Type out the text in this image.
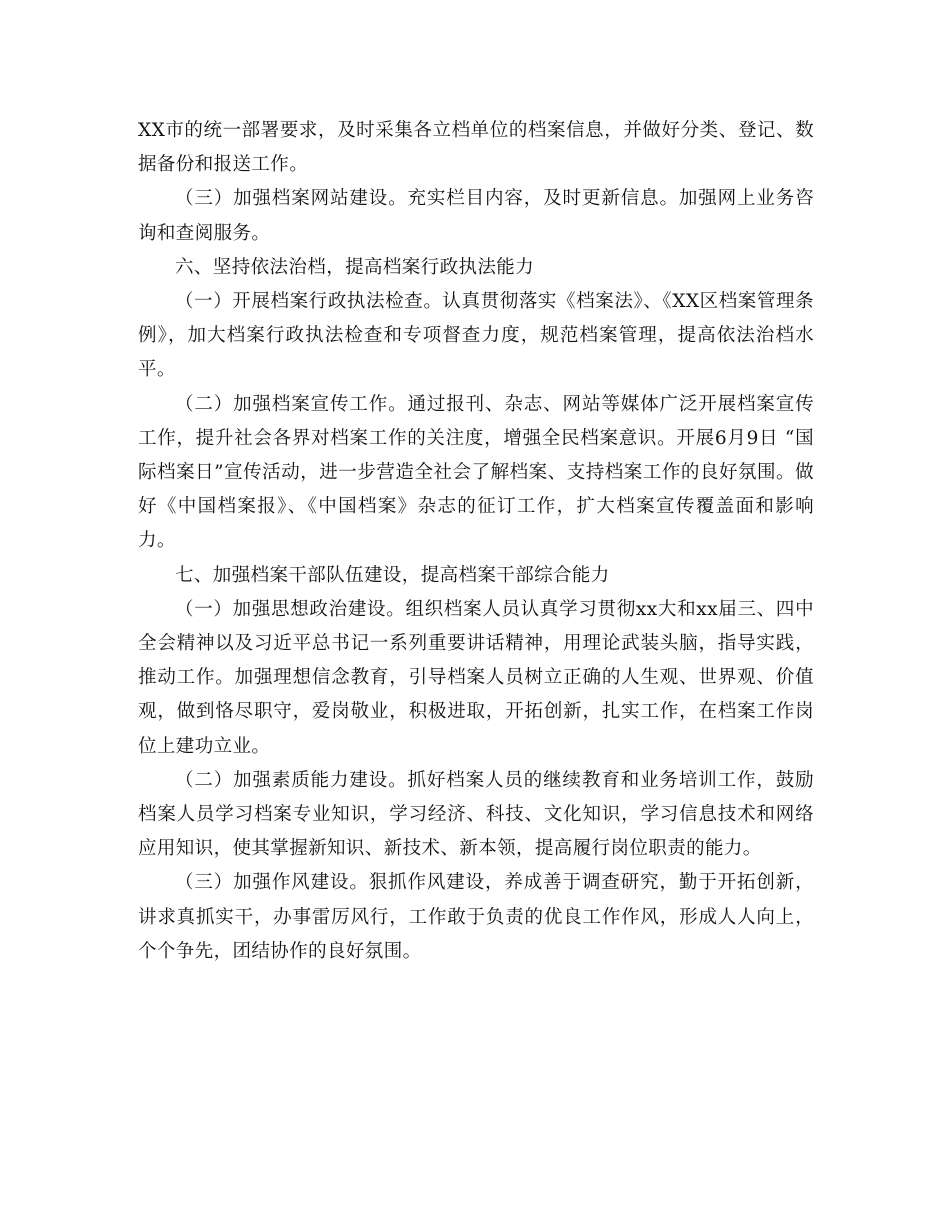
XX市的统一部署要求，及时采集各立档单位的档案信息，并做好分类、登记、数据备份和报送工作。

（三）加强档案网站建设。充实栏目内容，及时更新信息。加强网上业务咨询和查阅服务。

六、坚持依法治档，提高档案行政执法能力

（一）开展档案行政执法检查。认真贯彻落实《档案法》、《XX区档案管理条例》，加大档案行政执法检查和专项督查力度，规范档案管理，提高依法治档水平。

（二）加强档案宣传工作。通过报刊、杂志、网站等媒体广泛开展档案宣传工作，提升社会各界对档案工作的关注度，增强全民档案意识。开展6月9日 “国际档案日”宣传活动，进一步营造全社会了解档案、支持档案工作的良好氛围。做好《中国档案报》、《中国档案》杂志的征订工作，扩大档案宣传覆盖面和影响力。

七、加强档案干部队伍建设，提高档案干部综合能力

（一）加强思想政治建设。组织档案人员认真学习贯彻xx大和xx届三、四中全会精神以及习近平总书记一系列重要讲话精神，用理论武装头脑，指导实践，推动工作。加强理想信念教育，引导档案人员树立正确的人生观、世界观、价值观，做到恪尽职守，爱岗敬业，积极进取，开拓创新，扎实工作，在档案工作岗位上建功立业。

（二）加强素质能力建设。抓好档案人员的继续教育和业务培训工作，鼓励档案人员学习档案专业知识，学习经济、科技、文化知识，学习信息技术和网络应用知识，使其掌握新知识、新技术、新本领，提高履行岗位职责的能力。

（三）加强作风建设。狠抓作风建设，养成善于调查研究，勤于开拓创新，讲求真抓实干，办事雷厉风行，工作敢于负责的优良工作作风，形成人人向上，个个争先，团结协作的良好氛围。
